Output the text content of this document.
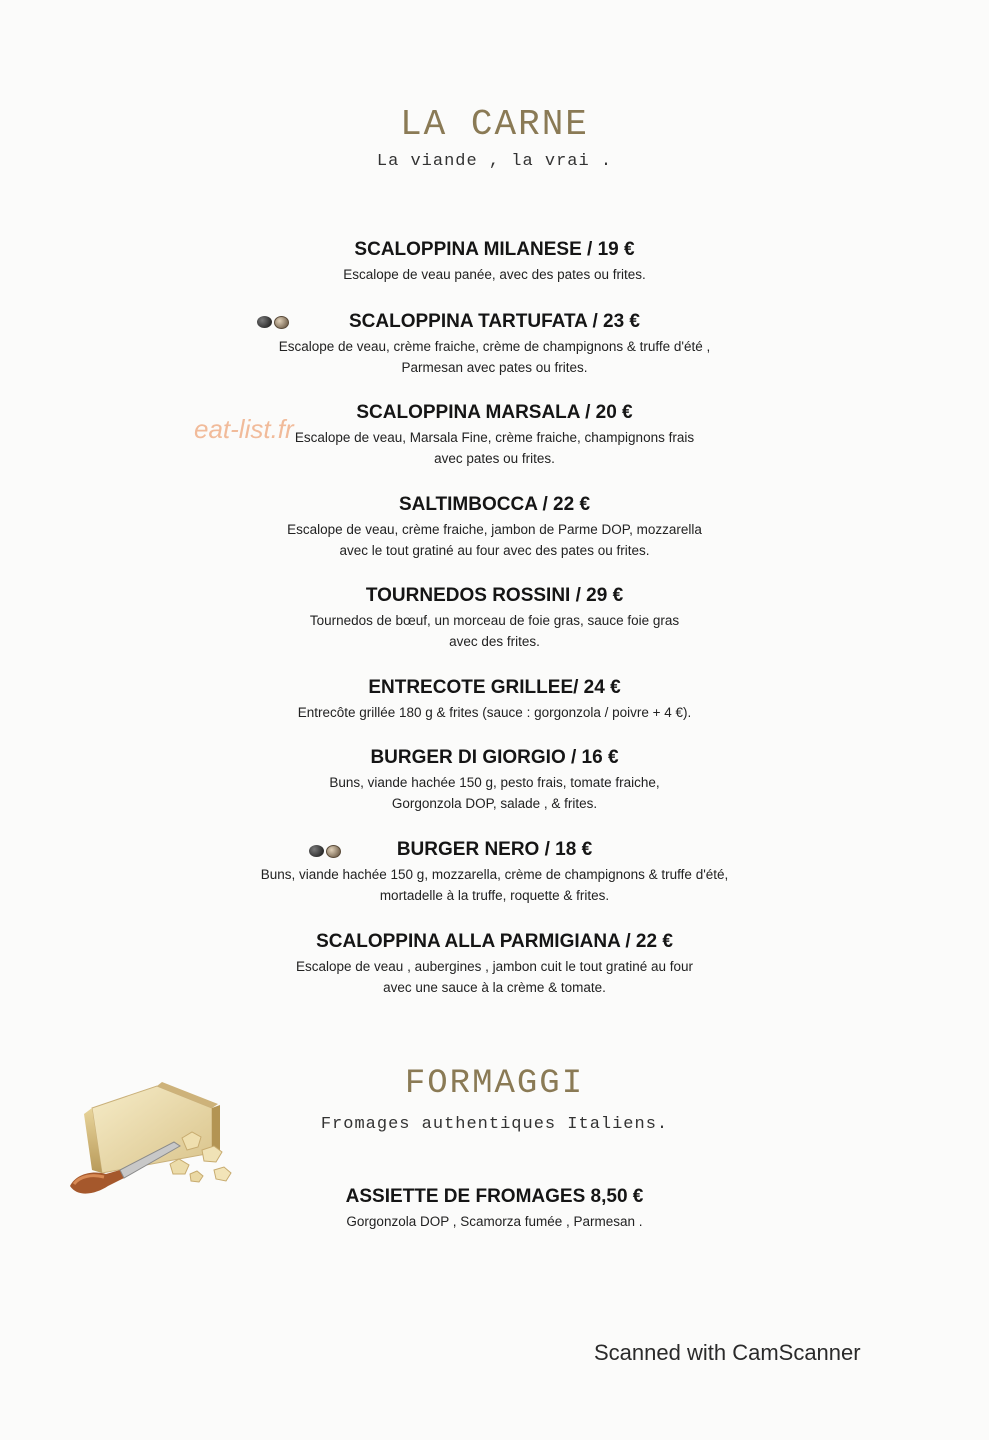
LA CARNE
La viande , la vrai .
SCALOPPINA MILANESE / 19 €
Escalope de veau panée, avec des pates ou frites.
SCALOPPINA TARTUFATA / 23 €
Escalope de veau, crème fraiche, crème de champignons & truffe d'été ,
Parmesan avec pates ou frites.
eat-list.fr
SCALOPPINA MARSALA / 20 €
Escalope de veau, Marsala Fine, crème fraiche, champignons frais
avec pates ou frites.
SALTIMBOCCA / 22 €
Escalope de veau, crème fraiche, jambon de Parme DOP, mozzarella
avec le tout gratiné au four avec des pates ou frites.
TOURNEDOS ROSSINI / 29 €
Tournedos de bœuf, un morceau de foie gras, sauce foie gras
avec des frites.
ENTRECOTE GRILLEE/ 24 €
Entrecôte grillée 180 g & frites (sauce : gorgonzola / poivre + 4 €).
BURGER DI GIORGIO / 16 €
Buns, viande hachée 150 g, pesto frais, tomate fraiche,
Gorgonzola DOP, salade , & frites.
BURGER NERO / 18 €
Buns, viande hachée 150 g, mozzarella, crème de champignons & truffe d'été,
mortadelle à la truffe, roquette & frites.
SCALOPPINA ALLA PARMIGIANA / 22 €
Escalope de veau , aubergines , jambon cuit le tout gratiné au four
avec une sauce à la crème & tomate.
FORMAGGI
Fromages authentiques Italiens.
ASSIETTE DE FROMAGES 8,50 €
Gorgonzola DOP , Scamorza fumée , Parmesan .
Scanned with CamScanner
